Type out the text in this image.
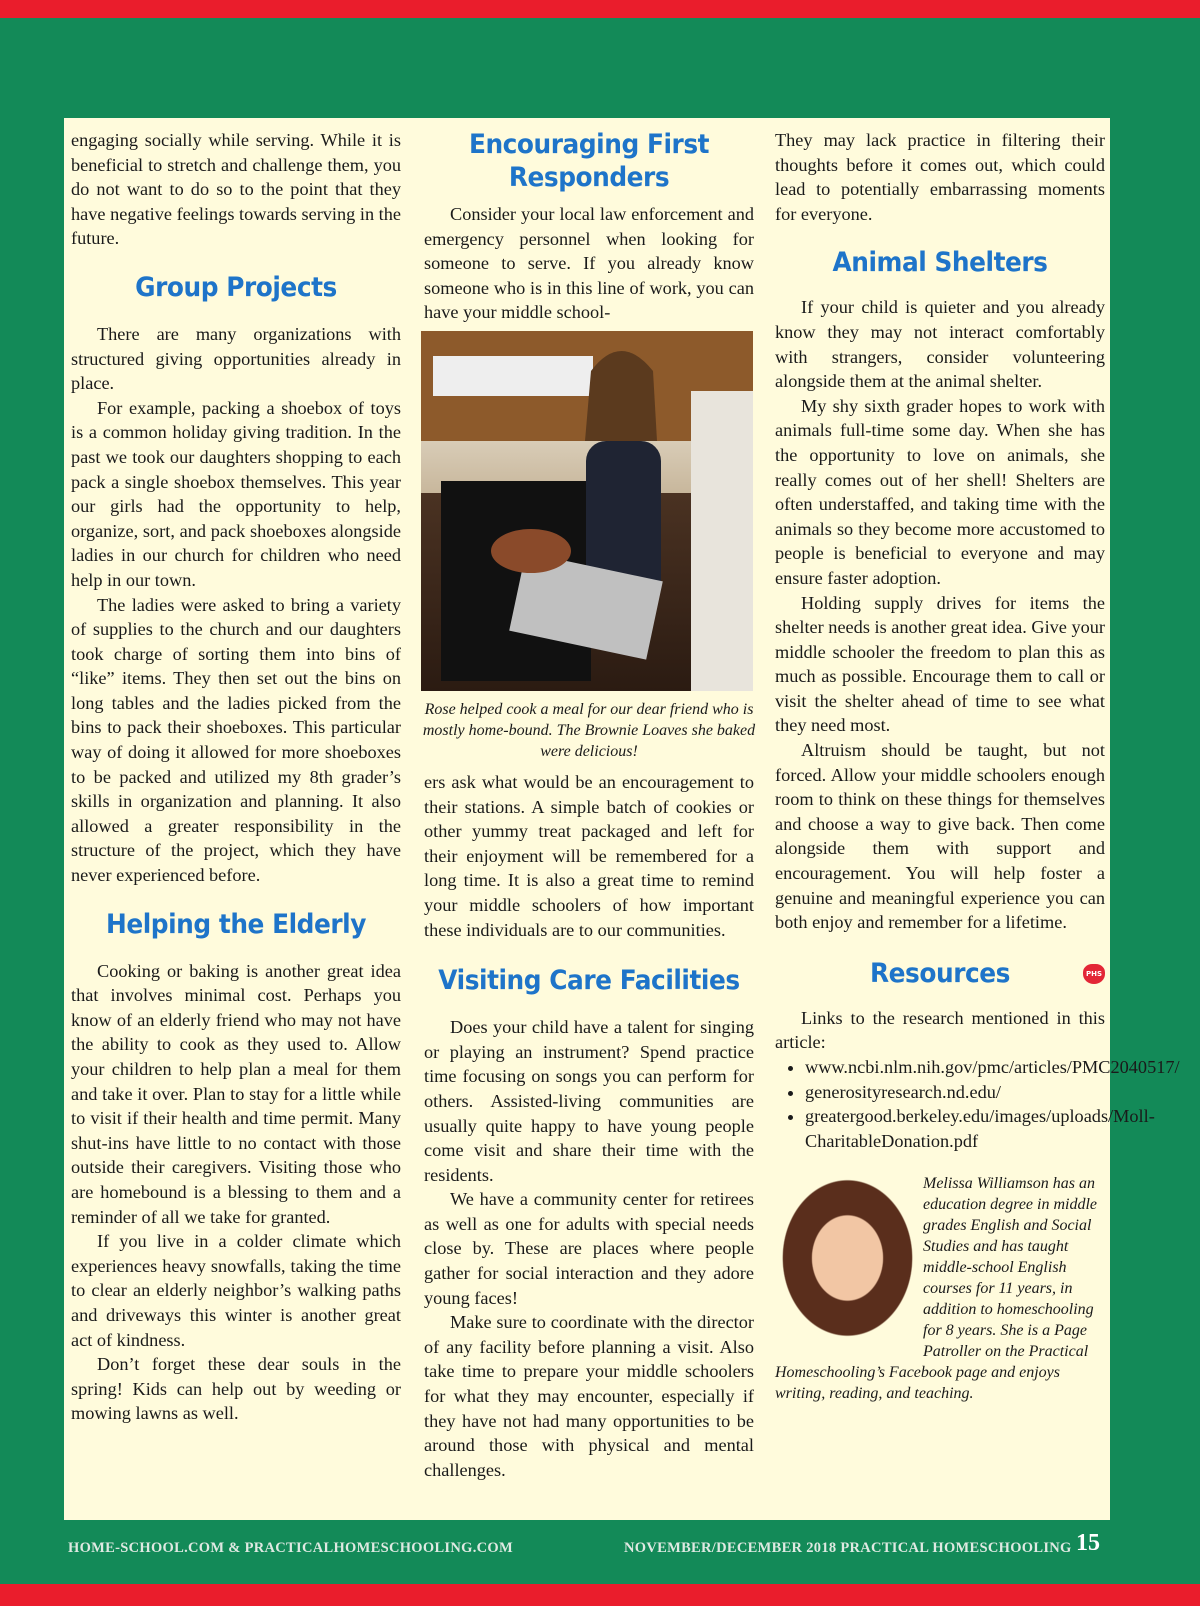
engaging socially while serving. While it is beneficial to stretch and challenge them, you do not want to do so to the point that they have negative feelings towards serving in the future.

Group Projects

There are many organizations with structured giving opportunities already in place.

For example, packing a shoebox of toys is a common holiday giving tradition. In the past we took our daughters shopping to each pack a single shoebox themselves. This year our girls had the opportunity to help, organize, sort, and pack shoeboxes alongside ladies in our church for children who need help in our town.

The ladies were asked to bring a variety of supplies to the church and our daughters took charge of sorting them into bins of “like” items. They then set out the bins on long tables and the ladies picked from the bins to pack their shoeboxes. This particular way of doing it allowed for more shoeboxes to be packed and utilized my 8th grader’s skills in organization and planning. It also allowed a greater responsibility in the structure of the project, which they have never experienced before.

Helping the Elderly

Cooking or baking is another great idea that involves minimal cost. Perhaps you know of an elderly friend who may not have the ability to cook as they used to. Allow your children to help plan a meal for them and take it over. Plan to stay for a little while to visit if their health and time permit. Many shut-ins have little to no contact with those outside their caregivers. Visiting those who are homebound is a blessing to them and a reminder of all we take for granted.

If you live in a colder climate which experiences heavy snowfalls, taking the time to clear an elderly neighbor’s walking paths and driveways this winter is another great act of kindness.

Don’t forget these dear souls in the spring! Kids can help out by weeding or mowing lawns as well.

Encouraging First Responders

Consider your local law enforcement and emergency personnel when looking for someone to serve. If you already know someone who is in this line of work, you can have your middle school-

Rose helped cook a meal for our dear friend who is mostly home-bound. The Brownie Loaves she baked were delicious!

ers ask what would be an encouragement to their stations. A simple batch of cookies or other yummy treat packaged and left for their enjoyment will be remembered for a long time. It is also a great time to remind your middle schoolers of how important these individuals are to our communities.

Visiting Care Facilities

Does your child have a talent for singing or playing an instrument? Spend practice time focusing on songs you can perform for others. Assisted-living communities are usually quite happy to have young people come visit and share their time with the residents.

We have a community center for retirees as well as one for adults with special needs close by. These are places where people gather for social interaction and they adore young faces!

Make sure to coordinate with the director of any facility before planning a visit. Also take time to prepare your middle schoolers for what they may encounter, especially if they have not had many opportunities to be around those with physical and mental challenges.

They may lack practice in filtering their thoughts before it comes out, which could lead to potentially embarrassing moments for everyone.

Animal Shelters

If your child is quieter and you already know they may not interact comfortably with strangers, consider volunteering alongside them at the animal shelter.

My shy sixth grader hopes to work with animals full-time some day. When she has the opportunity to love on animals, she really comes out of her shell! Shelters are often understaffed, and taking time with the animals so they become more accustomed to people is beneficial to everyone and may ensure faster adoption.

Holding supply drives for items the shelter needs is another great idea. Give your middle schooler the freedom to plan this as much as possible. Encourage them to call or visit the shelter ahead of time to see what they need most.

Altruism should be taught, but not forced. Allow your middle schoolers enough room to think on these things for themselves and choose a way to give back. Then come alongside them with support and encouragement. You will help foster a genuine and meaningful experience you can both enjoy and remember for a lifetime.

Resources

Links to the research mentioned in this article:

• www.ncbi.nlm.nih.gov/pmc/articles/PMC2040517/
• generosityresearch.nd.edu/
• greatergood.berkeley.edu/images/uploads/Moll-CharitableDonation.pdf
Melissa Williamson has an education degree in middle grades English and Social Studies and has taught middle-school English courses for 11 years, in addition to homeschooling for 8 years. She is a Page Patroller on the Practical Homeschooling’s Facebook page and enjoys writing, reading, and teaching.
PHS
HOME-SCHOOL.COM & PRACTICALHOMESCHOOLING.COM	NOVEMBER/DECEMBER 2018 PRACTICAL HOMESCHOOLING 15
